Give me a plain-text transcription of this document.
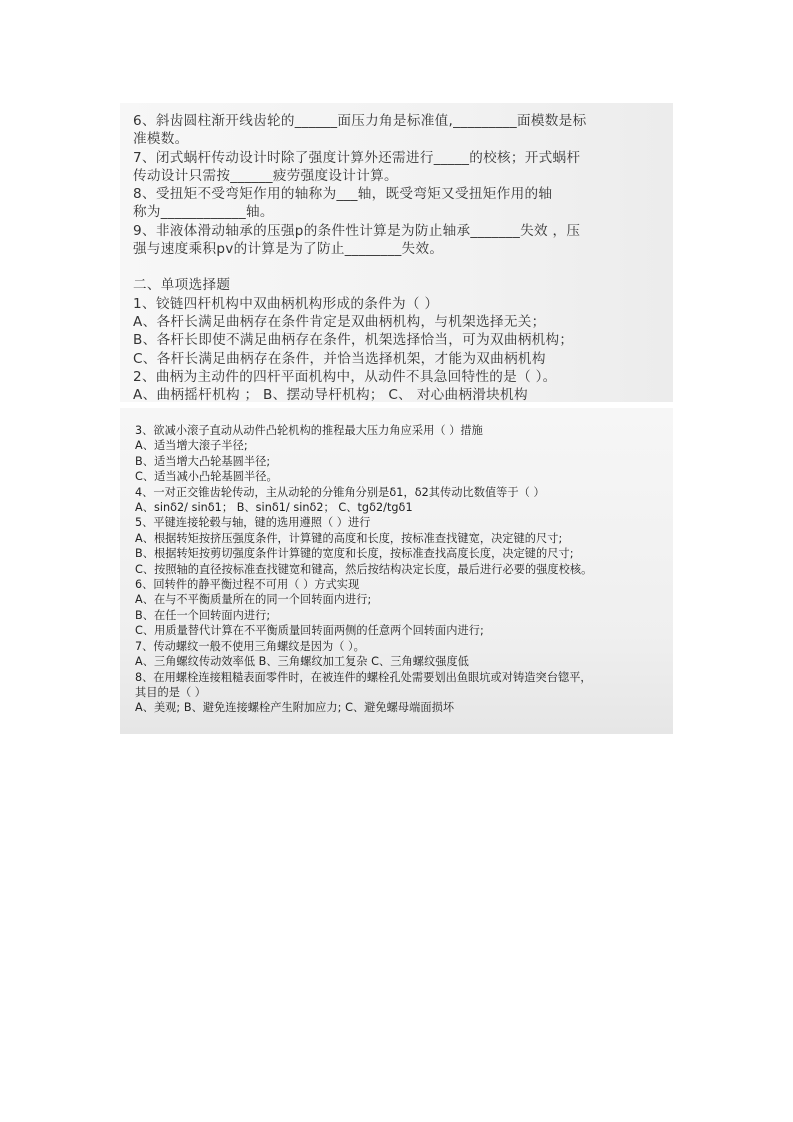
6、斜齿圆柱渐开线齿轮的______面压力角是标准值,_________面模数是标
准模数。
7、闭式蜗杆传动设计时除了强度计算外还需进行_____的校核；开式蜗杆
传动设计只需按______疲劳强度设计计算。
8、受扭矩不受弯矩作用的轴称为___轴，既受弯矩又受扭矩作用的轴
称为____________轴。
9、非液体滑动轴承的压强p的条件性计算是为防止轴承_______失效 ，压
强与速度乘积pv的计算是为了防止________失效。
二、单项选择题
1、铰链四杆机构中双曲柄机构形成的条件为（ ）
A、各杆长满足曲柄存在条件肯定是双曲柄机构，与机架选择无关；
B、各杆长即使不满足曲柄存在条件，机架选择恰当，可为双曲柄机构；
C、各杆长满足曲柄存在条件，并恰当选择机架，才能为双曲柄机构
2、曲柄为主动件的四杆平面机构中，从动件不具急回特性的是（ ）。
A、曲柄摇杆机构 ； B、摆动导杆机构； C、 对心曲柄滑块机构
3、欲减小滚子直动从动件凸轮机构的推程最大压力角应采用（ ）措施
A、适当增大滚子半径;
B、适当增大凸轮基圆半径;
C、适当减小凸轮基圆半径。
4、一对正交锥齿轮传动，主从动轮的分锥角分别是δ1，δ2其传动比数值等于（ ）
A、sinδ2/ sinδ1； B、sinδ1/ sinδ2； C、tgδ2/tgδ1
5、平键连接轮毂与轴，键的选用遵照（ ）进行
A、根据转矩按挤压强度条件，计算键的高度和长度，按标准查找键宽，决定键的尺寸;
B、根据转矩按剪切强度条件计算键的宽度和长度，按标准查找高度长度，决定键的尺寸;
C、按照轴的直径按标准查找键宽和键高，然后按结构决定长度，最后进行必要的强度校核。
6、回转件的静平衡过程不可用（ ）方式实现
A、在与不平衡质量所在的同一个回转面内进行;
B、在任一个回转面内进行;
C、用质量替代计算在不平衡质量回转面两侧的任意两个回转面内进行;
7、传动螺纹一般不使用三角螺纹是因为（ ）。
A、三角螺纹传动效率低 B、三角螺纹加工复杂 C、三角螺纹强度低
8、在用螺栓连接粗糙表面零件时，在被连件的螺栓孔处需要划出鱼眼坑或对铸造突台锪平，
其目的是（ ）
A、美观; B、避免连接螺栓产生附加应力; C、避免螺母端面损坏
